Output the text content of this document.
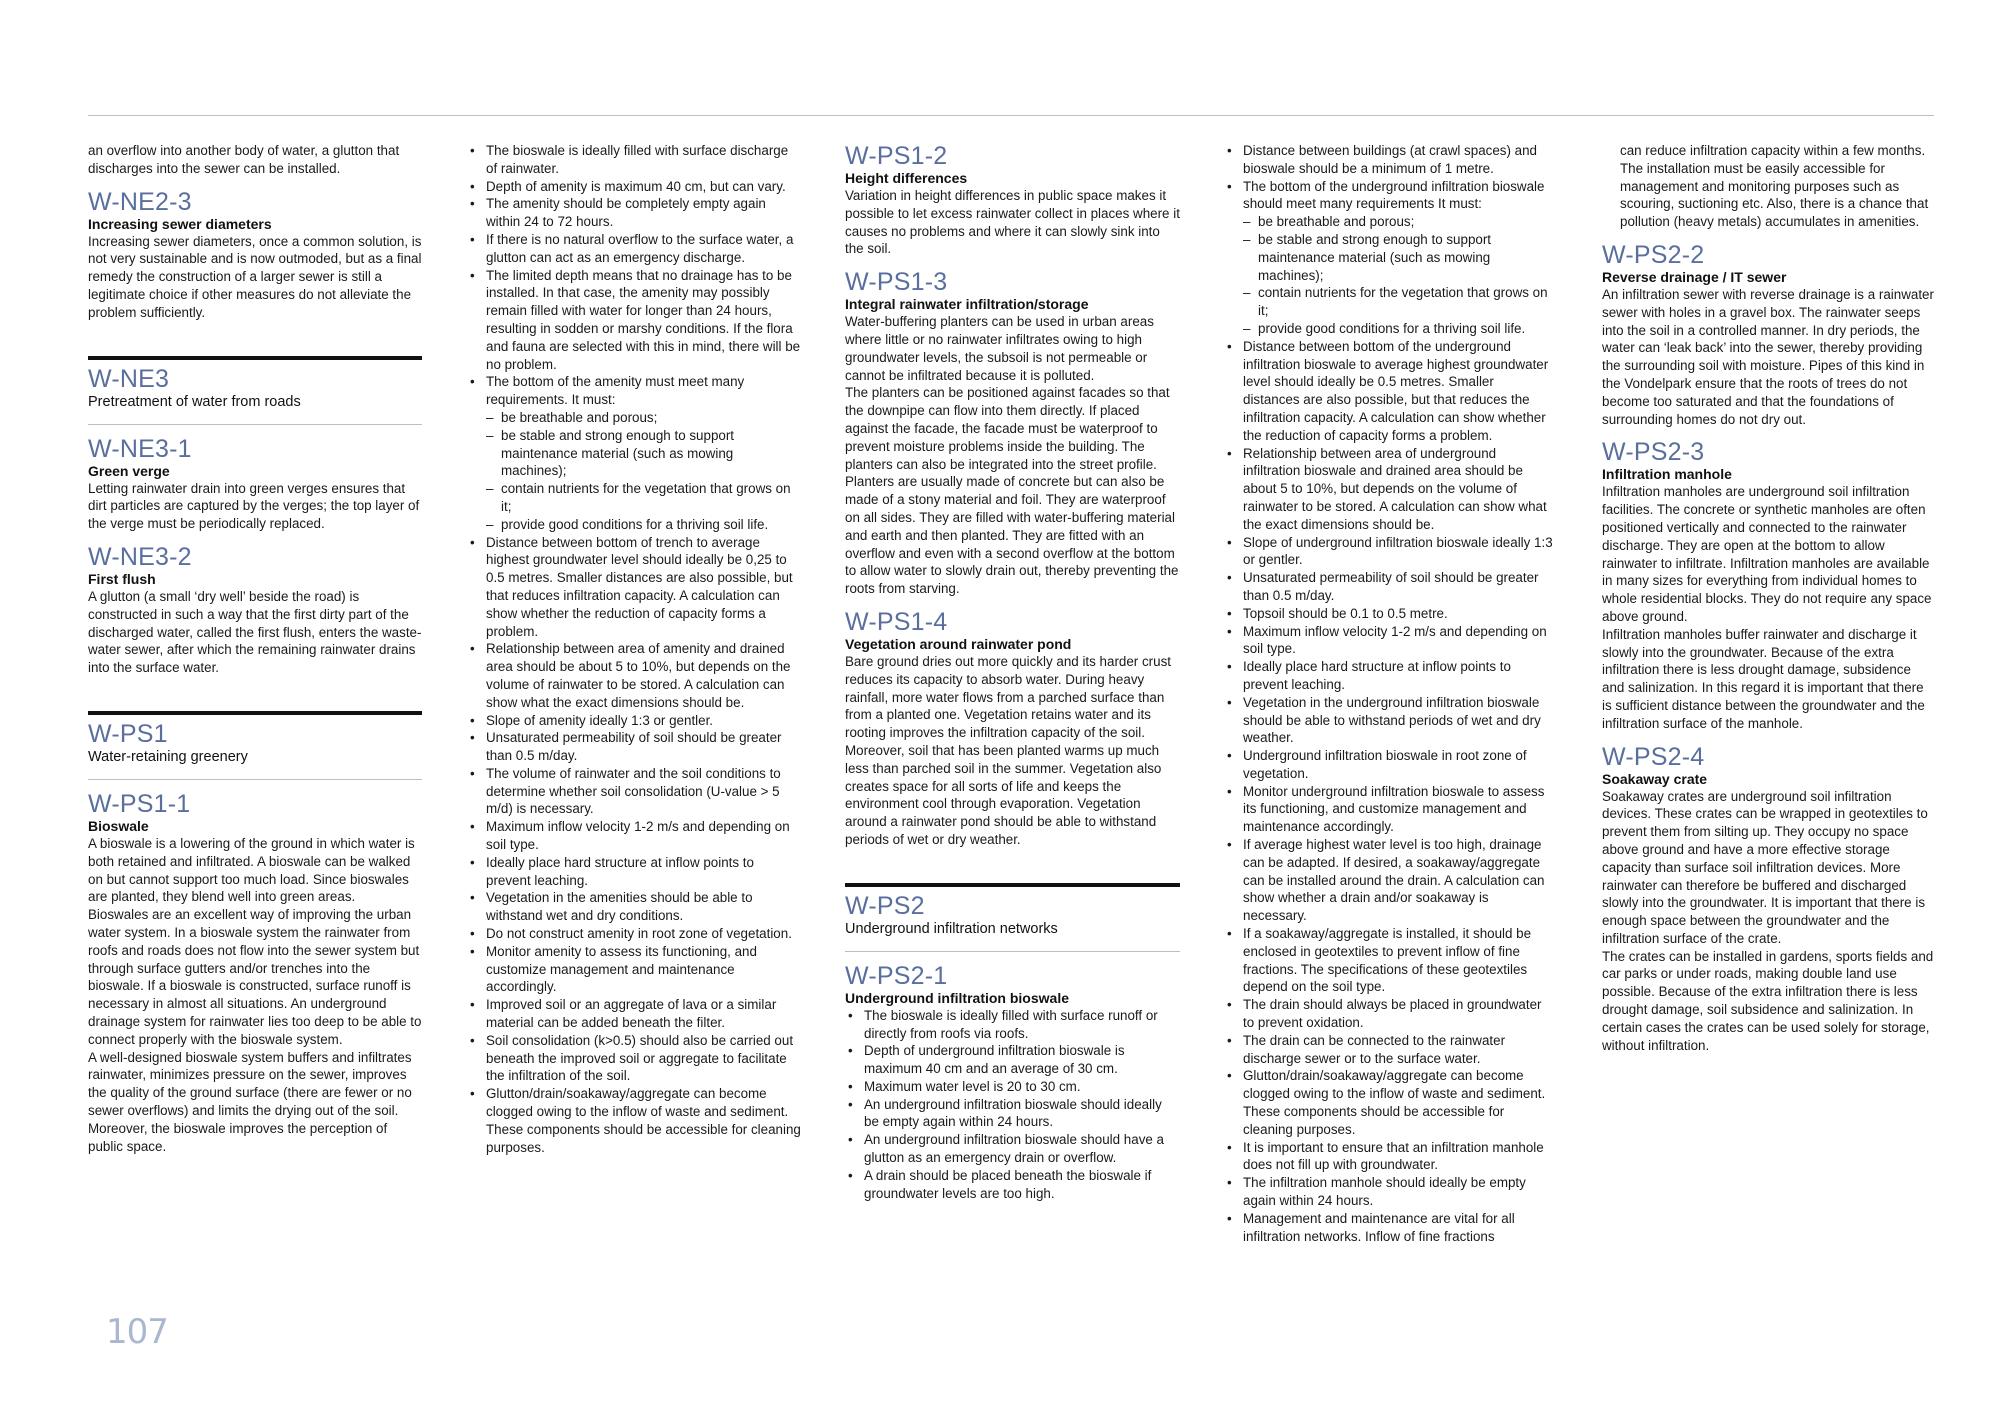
an overflow into another body of water, a glutton that discharges into the sewer can be installed.

W-NE2-3
Increasing sewer diameters

Increasing sewer diameters, once a common solution, is not very sustainable and is now outmoded, but as a final remedy the construction of a larger sewer is still a legitimate choice if other measures do not alleviate the problem sufficiently.

W-NE3
Pretreatment of water from roads
W-NE3-1
Green verge

Letting rainwater drain into green verges ensures that dirt particles are captured by the verges; the top layer of the verge must be periodically replaced.

W-NE3-2
First flush

A glutton (a small ‘dry well’ beside the road) is constructed in such a way that the first dirty part of the discharged water, called the first flush, enters the waste-water sewer, after which the remaining rainwater drains into the surface water.

W-PS1
Water-retaining greenery
W-PS1-1
Bioswale

A bioswale is a lowering of the ground in which water is both retained and infiltrated. A bioswale can be walked on but cannot support too much load. Since bioswales are planted, they blend well into green areas.

Bioswales are an excellent way of improving the urban water system. In a bioswale system the rainwater from roofs and roads does not flow into the sewer system but through surface gutters and/or trenches into the bioswale. If a bioswale is constructed, surface runoff is necessary in almost all situations. An underground drainage system for rainwater lies too deep to be able to connect properly with the bioswale system.

A well-designed bioswale system buffers and infiltrates rainwater, minimizes pressure on the sewer, improves the quality of the ground surface (there are fewer or no sewer overflows) and limits the drying out of the soil. Moreover, the bioswale improves the perception of public space.

• The bioswale is ideally filled with surface discharge of rainwater.
• Depth of amenity is maximum 40 cm, but can vary.
• The amenity should be completely empty again within 24 to 72 hours.
• If there is no natural overflow to the surface water, a glutton can act as an emergency discharge.
• The limited depth means that no drainage has to be installed. In that case, the amenity may possibly remain filled with water for longer than 24 hours, resulting in sodden or marshy conditions. If the flora and fauna are selected with this in mind, there will be no problem.
• The bottom of the amenity must meet many requirements. It must:
– be breathable and porous;
– be stable and strong enough to support maintenance material (such as mowing machines);
– contain nutrients for the vegetation that grows on it;
– provide good conditions for a thriving soil life.
• Distance between bottom of trench to average highest groundwater level should ideally be 0,25 to 0.5 metres. Smaller distances are also possible, but that reduces infiltration capacity. A calculation can show whether the reduction of capacity forms a problem.
• Relationship between area of amenity and drained area should be about 5 to 10%, but depends on the volume of rainwater to be stored. A calculation can show what the exact dimensions should be.
• Slope of amenity ideally 1:3 or gentler.
• Unsaturated permeability of soil should be greater than 0.5 m/day.
• The volume of rainwater and the soil conditions to determine whether soil consolidation (U-value > 5 m/d) is necessary.
• Maximum inflow velocity 1-2 m/s and depending on soil type.
• Ideally place hard structure at inflow points to prevent leaching.
• Vegetation in the amenities should be able to withstand wet and dry conditions.
• Do not construct amenity in root zone of vegetation.
• Monitor amenity to assess its functioning, and customize management and maintenance accordingly.
• Improved soil or an aggregate of lava or a similar material can be added beneath the filter.
• Soil consolidation (k>0.5) should also be carried out beneath the improved soil or aggregate to facilitate the infiltration of the soil.
• Glutton/drain/soakaway/aggregate can become clogged owing to the inflow of waste and sediment. These components should be accessible for cleaning purposes.
W-PS1-2
Height differences

Variation in height differences in public space makes it possible to let excess rainwater collect in places where it causes no problems and where it can slowly sink into the soil.

W-PS1-3
Integral rainwater infiltration/storage

Water-buffering planters can be used in urban areas where little or no rainwater infiltrates owing to high groundwater levels, the subsoil is not permeable or cannot be infiltrated because it is polluted.

The planters can be positioned against facades so that the downpipe can flow into them directly. If placed against the facade, the facade must be waterproof to prevent moisture problems inside the building. The planters can also be integrated into the street profile.

Planters are usually made of concrete but can also be made of a stony material and foil. They are waterproof on all sides. They are filled with water-buffering material and earth and then planted. They are fitted with an overflow and even with a second overflow at the bottom to allow water to slowly drain out, thereby preventing the roots from starving.

W-PS1-4
Vegetation around rainwater pond

Bare ground dries out more quickly and its harder crust reduces its capacity to absorb water. During heavy rainfall, more water flows from a parched surface than from a planted one. Vegetation retains water and its rooting improves the infiltration capacity of the soil. Moreover, soil that has been planted warms up much less than parched soil in the summer. Vegetation also creates space for all sorts of life and keeps the environment cool through evaporation. Vegetation around a rainwater pond should be able to withstand periods of wet or dry weather.

W-PS2
Underground infiltration networks
W-PS2-1
Underground infiltration bioswale
• The bioswale is ideally filled with surface runoff or directly from roofs via roofs.
• Depth of underground infiltration bioswale is maximum 40 cm and an average of 30 cm.
• Maximum water level is 20 to 30 cm.
• An underground infiltration bioswale should ideally be empty again within 24 hours.
• An underground infiltration bioswale should have a glutton as an emergency drain or overflow.
• A drain should be placed beneath the bioswale if groundwater levels are too high.
• Distance between buildings (at crawl spaces) and bioswale should be a minimum of 1 metre.
• The bottom of the underground infiltration bioswale should meet many requirements It must:
– be breathable and porous;
– be stable and strong enough to support maintenance material (such as mowing machines);
– contain nutrients for the vegetation that grows on it;
– provide good conditions for a thriving soil life.
• Distance between bottom of the underground infiltration bioswale to average highest groundwater level should ideally be 0.5 metres. Smaller distances are also possible, but that reduces the infiltration capacity. A calculation can show whether the reduction of capacity forms a problem.
• Relationship between area of underground infiltration bioswale and drained area should be about 5 to 10%, but depends on the volume of rainwater to be stored. A calculation can show what the exact dimensions should be.
• Slope of underground infiltration bioswale ideally 1:3 or gentler.
• Unsaturated permeability of soil should be greater than 0.5 m/day.
• Topsoil should be 0.1 to 0.5 metre.
• Maximum inflow velocity 1-2 m/s and depending on soil type.
• Ideally place hard structure at inflow points to prevent leaching.
• Vegetation in the underground infiltration bioswale should be able to withstand periods of wet and dry weather.
• Underground infiltration bioswale in root zone of vegetation.
• Monitor underground infiltration bioswale to assess its functioning, and customize management and maintenance accordingly.
• If average highest water level is too high, drainage can be adapted. If desired, a soakaway/aggregate can be installed around the drain. A calculation can show whether a drain and/or soakaway is necessary.
• If a soakaway/aggregate is installed, it should be enclosed in geotextiles to prevent inflow of fine fractions. The specifications of these geotextiles depend on the soil type.
• The drain should always be placed in groundwater to prevent oxidation.
• The drain can be connected to the rainwater discharge sewer or to the surface water.
• Glutton/drain/soakaway/aggregate can become clogged owing to the inflow of waste and sediment. These components should be accessible for cleaning purposes.
• It is important to ensure that an infiltration manhole does not fill up with groundwater.
• The infiltration manhole should ideally be empty again within 24 hours.
• Management and maintenance are vital for all infiltration networks. Inflow of fine fractions

can reduce infiltration capacity within a few months. The installation must be easily accessible for management and monitoring purposes such as scouring, suctioning etc. Also, there is a chance that pollution (heavy metals) accumulates in amenities.

W-PS2-2
Reverse drainage / IT sewer

An infiltration sewer with reverse drainage is a rainwater sewer with holes in a gravel box. The rainwater seeps into the soil in a controlled manner. In dry periods, the water can ‘leak back’ into the sewer, thereby providing the surrounding soil with moisture. Pipes of this kind in the Vondelpark ensure that the roots of trees do not become too saturated and that the foundations of surrounding homes do not dry out.

W-PS2-3
Infiltration manhole

Infiltration manholes are underground soil infiltration facilities. The concrete or synthetic manholes are often positioned vertically and connected to the rainwater discharge. They are open at the bottom to allow rainwater to infiltrate. Infiltration manholes are available in many sizes for everything from individual homes to whole residential blocks. They do not require any space above ground.

Infiltration manholes buffer rainwater and discharge it slowly into the groundwater. Because of the extra infiltration there is less drought damage, subsidence and salinization. In this regard it is important that there is sufficient distance between the groundwater and the infiltration surface of the manhole.

W-PS2-4
Soakaway crate

Soakaway crates are underground soil infiltration devices. These crates can be wrapped in geotextiles to prevent them from silting up. They occupy no space above ground and have a more effective storage capacity than surface soil infiltration devices. More rainwater can therefore be buffered and discharged slowly into the groundwater. It is important that there is enough space between the groundwater and the infiltration surface of the crate.

The crates can be installed in gardens, sports fields and car parks or under roads, making double land use possible. Because of the extra infiltration there is less drought damage, soil subsidence and salinization. In certain cases the crates can be used solely for storage, without infiltration.

107
